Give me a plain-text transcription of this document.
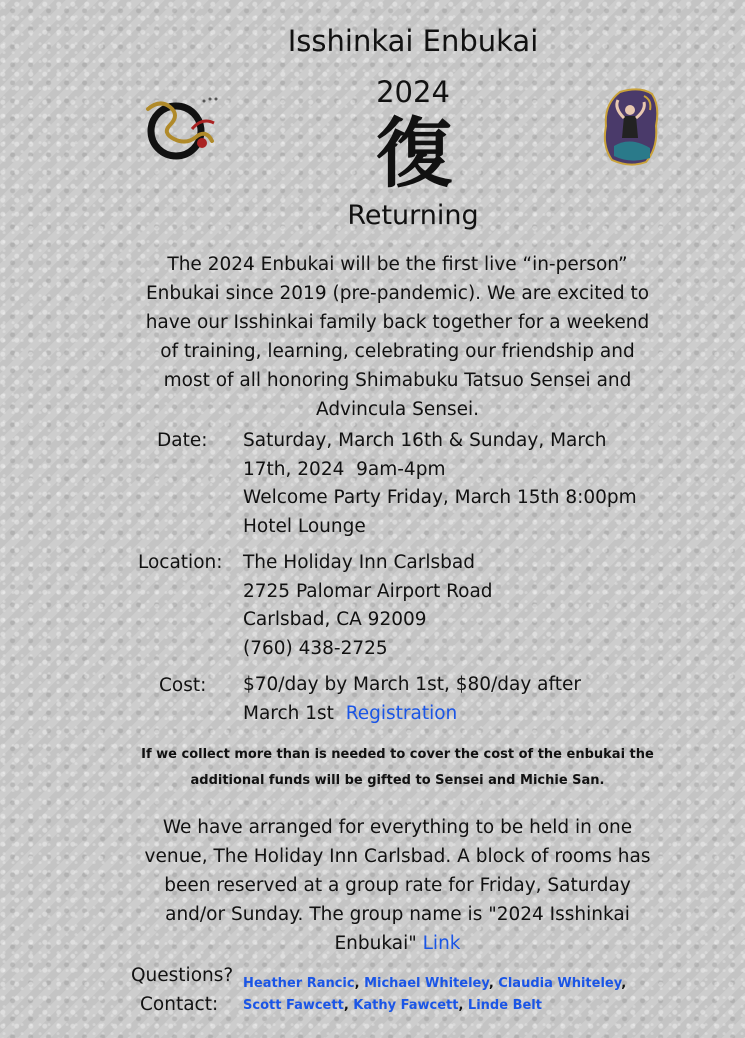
Isshinkai Enbukai
2024
復
Returning
The 2024 Enbukai will be the first live “in-person” Enbukai since 2019 (pre-pandemic). We are excited to have our Isshinkai family back together for a weekend of training, learning, celebrating our friendship and most of all honoring Shimabuku Tatsuo Sensei and Advincula Sensei.
Date: Saturday, March 16th & Sunday, March
17th, 2024  9am-4pm
Welcome Party Friday, March 15th 8:00pm
Hotel Lounge
Location: The Holiday Inn Carlsbad
2725 Palomar Airport Road
Carlsbad, CA 92009
(760) 438-2725
Cost: $70/day by March 1st, $80/day after
March 1st Registration
If we collect more than is needed to cover the cost of the enbukai the additional funds will be gifted to Sensei and Michie San.
We have arranged for everything to be held in one venue, The Holiday Inn Carlsbad. A block of rooms has been reserved at a group rate for Friday, Saturday and/or Sunday. The group name is "2024 Isshinkai Enbukai" Link
Questions?
Contact:
Heather Rancic, Michael Whiteley, Claudia Whiteley,
Scott Fawcett, Kathy Fawcett, Linde Belt
